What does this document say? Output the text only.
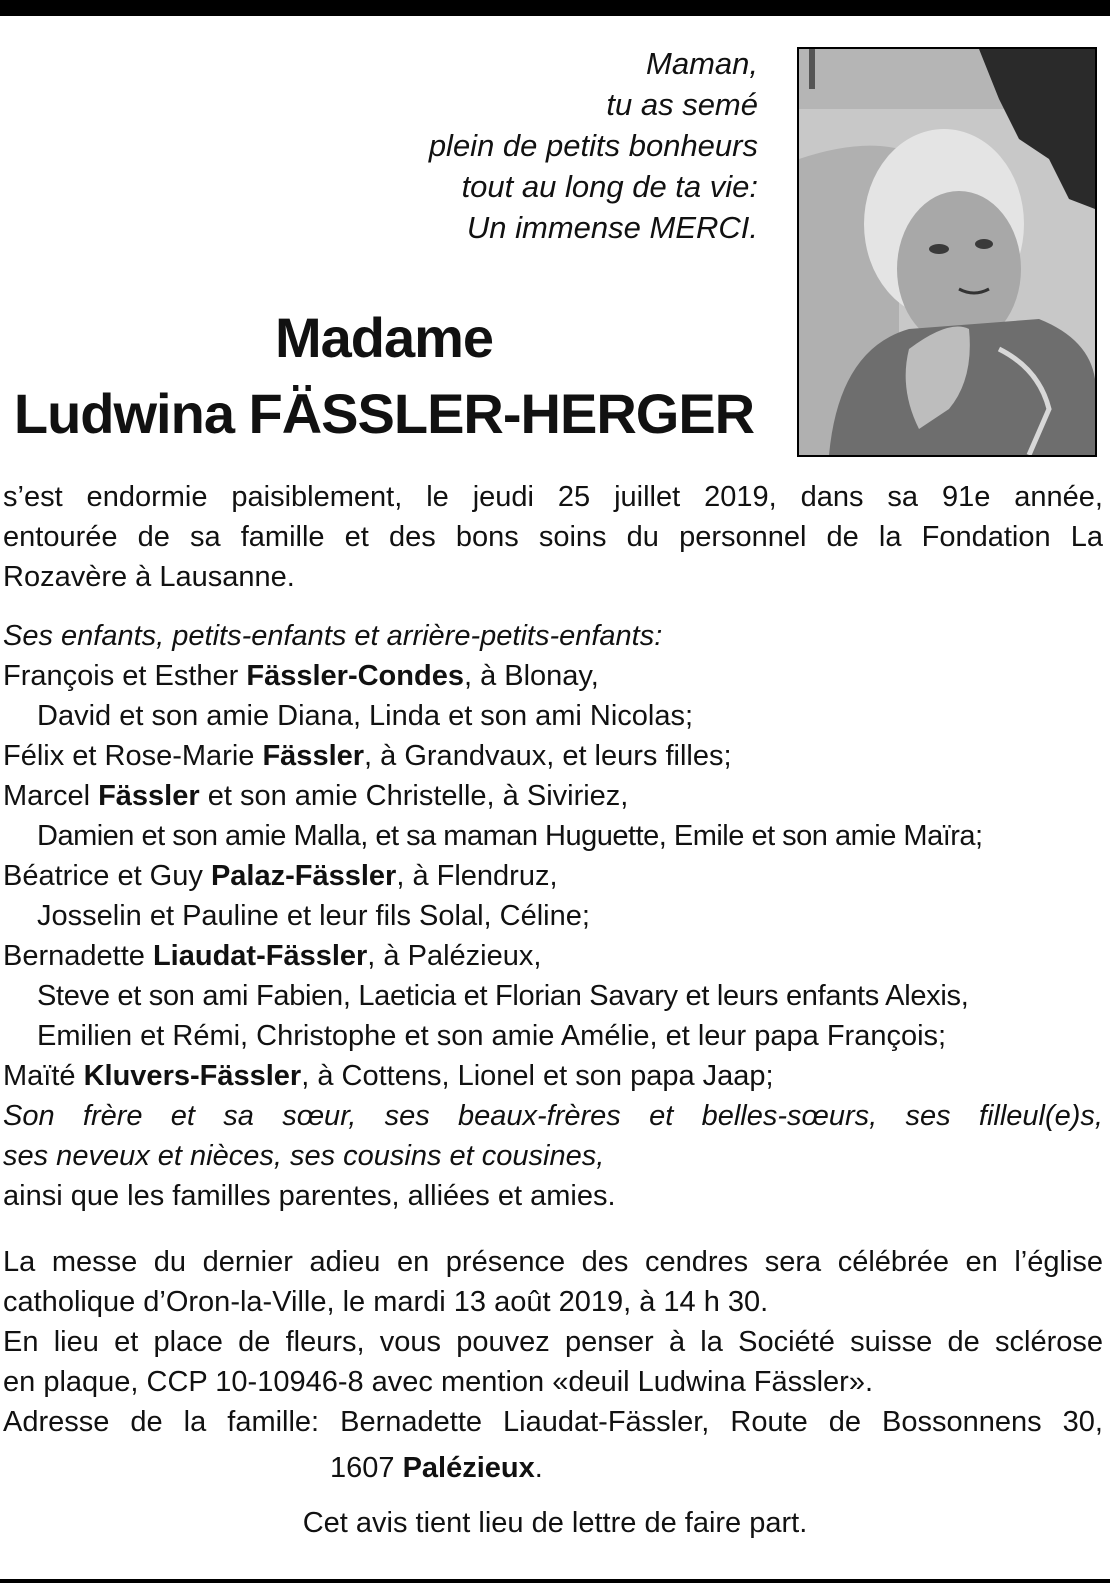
Maman,
tu as semé
plein de petits bonheurs
tout au long de ta vie:
Un immense MERCI.
Madame
Ludwina FÄSSLER-HERGER

s’est endormie paisiblement, le jeudi 25 juillet 2019, dans sa 91e année,

entourée de sa famille et des bons soins du personnel de la Fondation La

Rozavère à Lausanne.

Ses enfants, petits-enfants et arrière-petits-enfants:

François et Esther Fässler-Condes, à Blonay,

David et son amie Diana, Linda et son ami Nicolas;

Félix et Rose-Marie Fässler, à Grandvaux, et leurs filles;

Marcel Fässler et son amie Christelle, à Siviriez,

Damien et son amie Malla, et sa maman Huguette, Emile et son amie Maïra;

Béatrice et Guy Palaz-Fässler, à Flendruz,

Josselin et Pauline et leur fils Solal, Céline;

Bernadette Liaudat-Fässler, à Palézieux,

Steve et son ami Fabien, Laeticia et Florian Savary et leurs enfants Alexis,

Emilien et Rémi, Christophe et son amie Amélie, et leur papa François;

Maïté Kluvers-Fässler, à Cottens, Lionel et son papa Jaap;

Son frère et sa sœur, ses beaux-frères et belles-sœurs, ses filleul(e)s,

ses neveux et nièces, ses cousins et cousines,

ainsi que les familles parentes, alliées et amies.

La messe du dernier adieu en présence des cendres sera célébrée en l’église

catholique d’Oron-la-Ville, le mardi 13 août 2019, à 14 h 30.

En lieu et place de fleurs, vous pouvez penser à la Société suisse de sclérose

en plaque, CCP 10-10946-8 avec mention «deuil Ludwina Fässler».

Adresse de la famille: Bernadette Liaudat-Fässler, Route de Bossonnens 30,

1607 Palézieux.
Cet avis tient lieu de lettre de faire part.
